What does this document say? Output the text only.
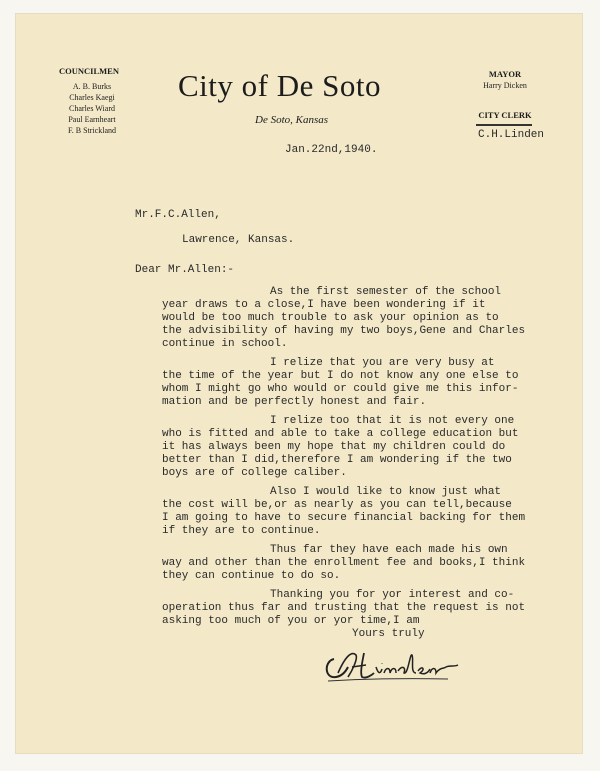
COUNCILMEN
A. B. Burks
Charles Kaegi
Charles Wiard
Paul Earnheart
F. B Strickland
City of De Soto
De Soto, Kansas
MAYOR
Harry Dicken
CITY CLERK
C.H.Linden
Jan.22nd,1940.
Mr.F.C.Allen,
Lawrence, Kansas.
Dear Mr.Allen:-
As the first semester of the school
year draws to a close,I have been wondering if it
would be too much trouble to ask your opinion as to
the advisibility of having my two boys,Gene and Charles
continue in school.
I relize that you are very busy at
the time of the year but I do not know any one else to
whom I might go who would or could give me this infor-
mation and be perfectly honest and fair.
I relize too that it is not every one
who is fitted and able to take a college education but
it has always been my hope that my children could do
better than I did,therefore I am wondering if the two
boys are of college caliber.
Also I would like to know just what
the cost will be,or as nearly as you can tell,because
I am going to have to secure financial backing for them
if they are to continue.
Thus far they have each made his own
way and other than the enrollment fee and books,I think
they can continue to do so.
Thanking you for yor interest and co-
operation thus far and trusting that the request is not
asking too much of you or yor time,I am
Yours truly
